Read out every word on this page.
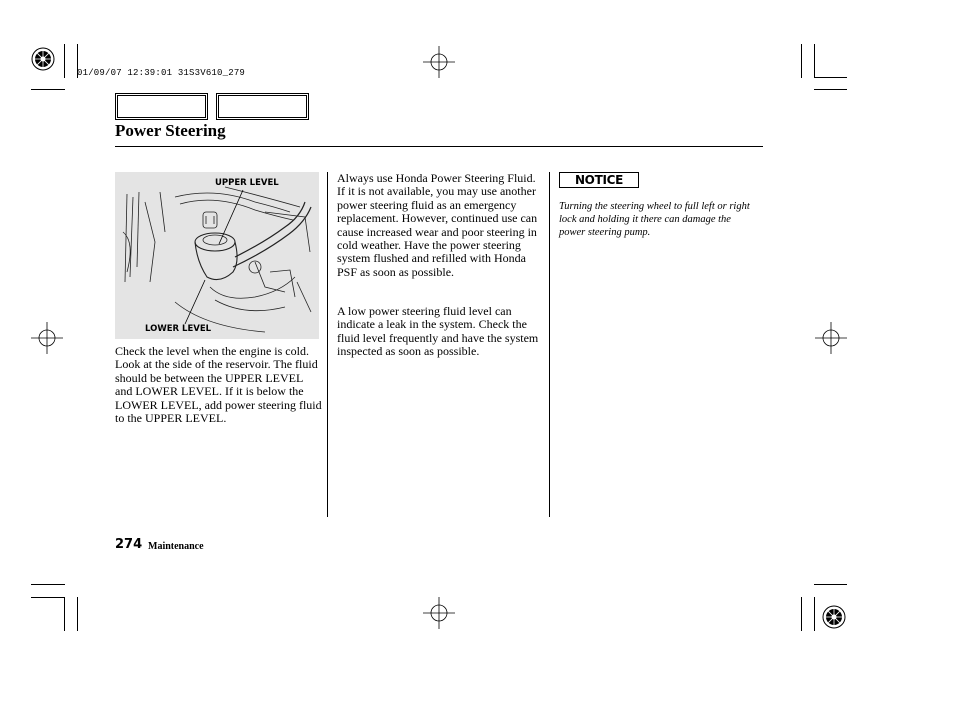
01/09/07 12:39:01 31S3V610_279
Power Steering
UPPER LEVEL
LOWER LEVEL
Check the level when the engine is cold. Look at the side of the reservoir. The fluid should be between the UPPER LEVEL and LOWER LEVEL. If it is below the LOWER LEVEL, add power steering fluid to the UPPER LEVEL.
Always use Honda Power Steering Fluid. If it is not available, you may use another power steering fluid as an emergency replacement. However, continued use can cause increased wear and poor steering in cold weather. Have the power steering system flushed and refilled with Honda PSF as soon as possible.
A low power steering fluid level can indicate a leak in the system. Check the fluid level frequently and have the system inspected as soon as possible.
NOTICE
Turning the steering wheel to full left or right lock and holding it there can damage the power steering pump.
274 Maintenance
